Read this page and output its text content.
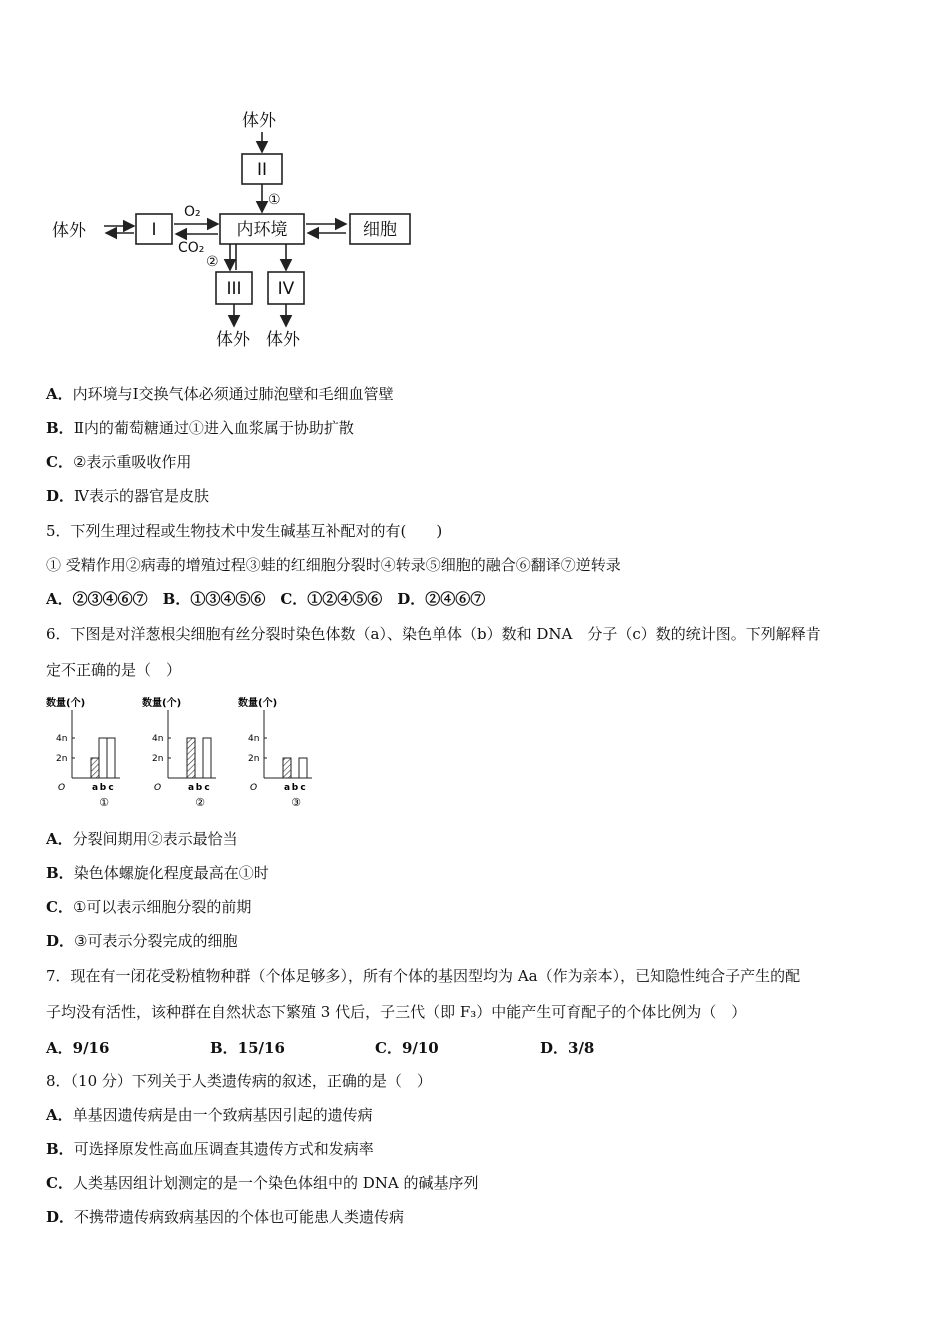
体外
体外
II
I	内环境	细胞
III IV
体外 体外
O₂
CO₂
①
②
A．内环境与Ⅰ交换气体必须通过肺泡壁和毛细血管壁
B．Ⅱ内的葡萄糖通过①进入血浆属于协助扩散
C．②表示重吸收作用
D．Ⅳ表示的器官是皮肤
5．下列生理过程或生物技术中发生碱基互补配对的有(　　)
① 受精作用②病毒的增殖过程③蛙的红细胞分裂时④转录⑤细胞的融合⑥翻译⑦逆转录
A．②③④⑥⑦　B．①③④⑤⑥　C．①②④⑤⑥　D．②④⑥⑦
6．下图是对洋葱根尖细胞有丝分裂时染色体数（a）、染色单体（b）数和 DNA　分子（c）数的统计图。下列解释肯
定不正确的是（　）
数量(个)
2n
4n
O	a b c
①
数量(个)
2n
4n
O	a b c
②
数量(个)
2n
4n
O	a b c
③
A．分裂间期用②表示最恰当
B．染色体螺旋化程度最高在①时
C．①可以表示细胞分裂的前期
D．③可表示分裂完成的细胞
7．现在有一闭花受粉植物种群（个体足够多），所有个体的基因型均为 Aa（作为亲本），已知隐性纯合子产生的配
子均没有活性，该种群在自然状态下繁殖 3 代后，子三代（即 F₃）中能产生可育配子的个体比例为（　）
A．9/16	B．15/16	C．9/10	D．3/8
8．（10 分）下列关于人类遗传病的叙述，正确的是（　）
A．单基因遗传病是由一个致病基因引起的遗传病
B．可选择原发性高血压调查其遗传方式和发病率
C．人类基因组计划测定的是一个染色体组中的 DNA 的碱基序列
D．不携带遗传病致病基因的个体也可能患人类遗传病
